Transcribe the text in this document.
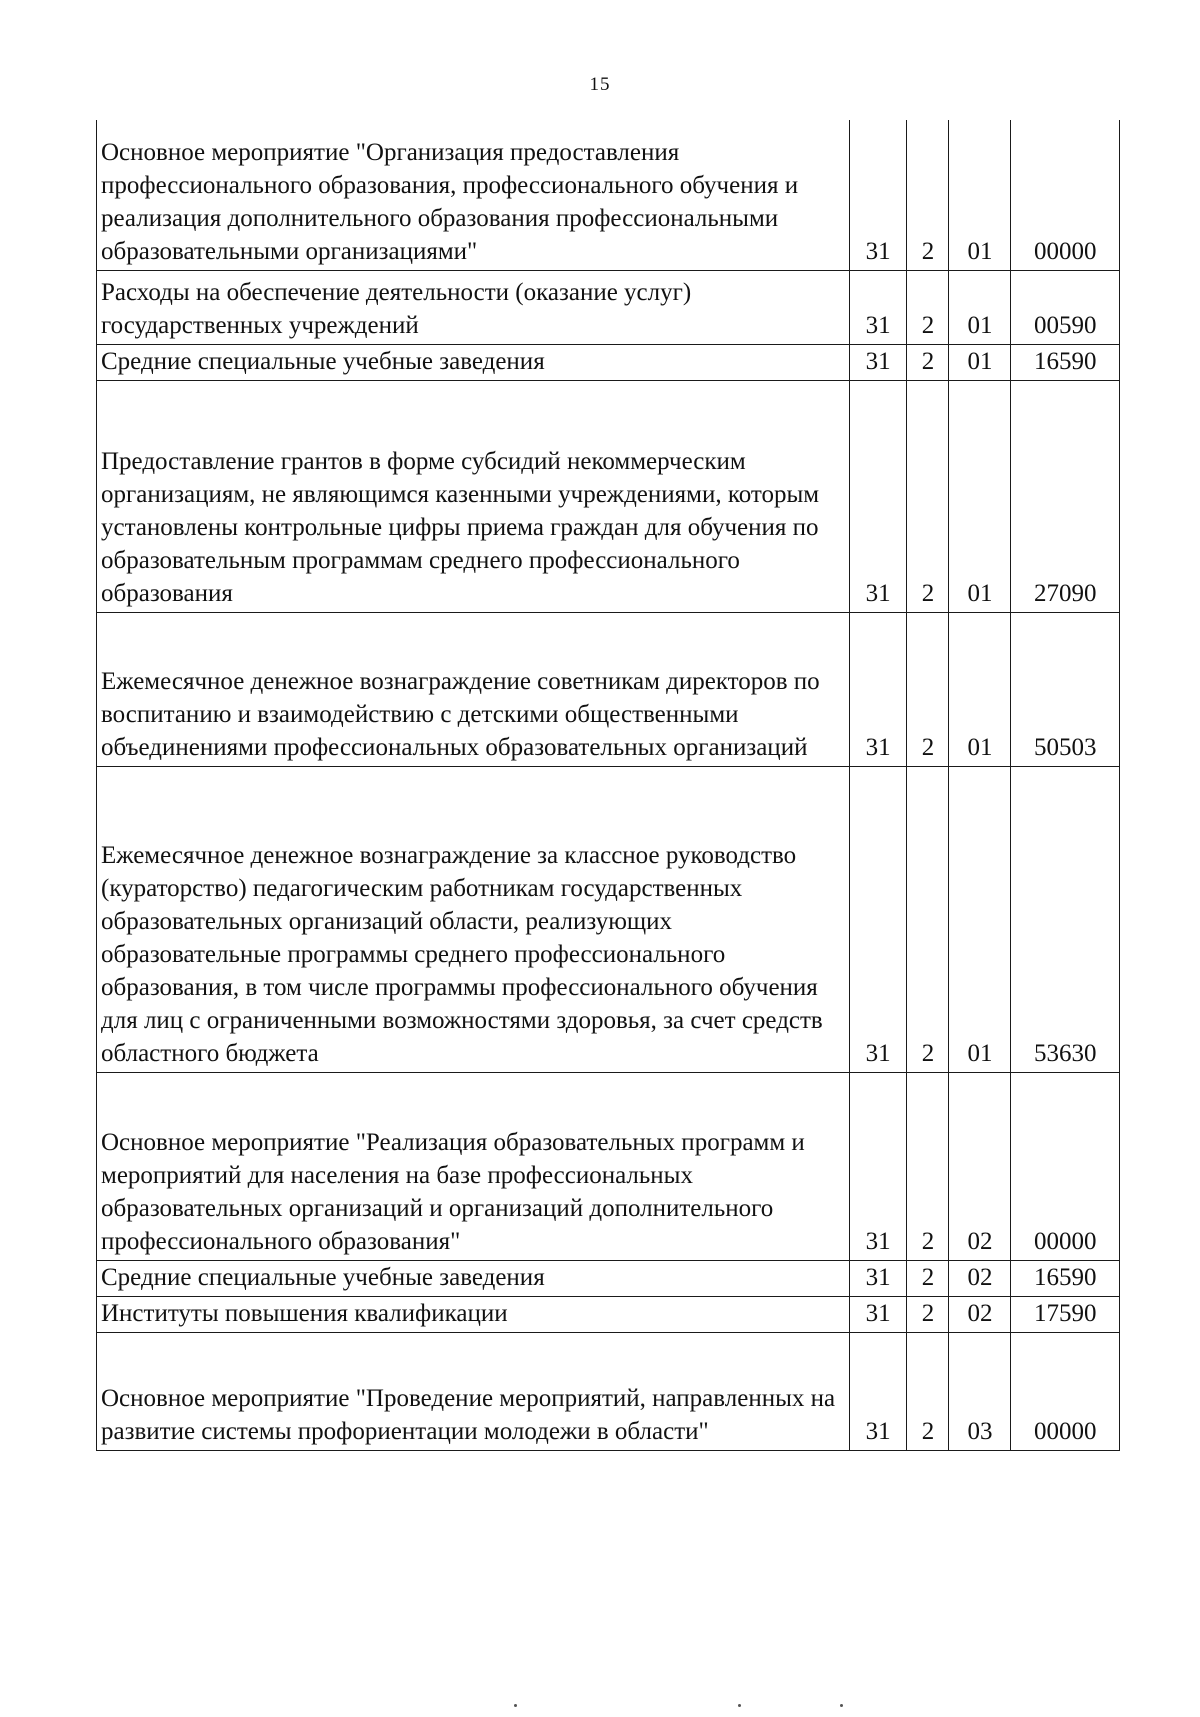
15
Основное мероприятие "Организация предоставления профессионального образования, профессионального обучения и реализация дополнительного образования профессиональными образовательными организациями"	31	2	01	00000
Расходы на обеспечение деятельности (оказание услуг) государственных учреждений	31	2	01	00590
Средние специальные учебные заведения	31	2	01	16590
Предоставление грантов в форме субсидий некоммерческим организациям, не являющимся казенными учреждениями, которым установлены контрольные цифры приема граждан для обучения по образовательным программам среднего профессионального образования	31	2	01	27090
Ежемесячное денежное вознаграждение советникам директоров по воспитанию и взаимодействию с детскими общественными объединениями профессиональных образовательных организаций	31	2	01	50503
Ежемесячное денежное вознаграждение за классное руководство (кураторство) педагогическим работникам государственных образовательных организаций области, реализующих образовательные программы среднего профессионального образования, в том числе программы профессионального обучения для лиц с ограниченными возможностями здоровья, за счет средств областного бюджета	31	2	01	53630
Основное мероприятие "Реализация образовательных программ и мероприятий для населения на базе профессиональных образовательных организаций и организаций дополнительного профессионального образования"	31	2	02	00000
Средние специальные учебные заведения	31	2	02	16590
Институты повышения квалификации	31	2	02	17590
Основное мероприятие "Проведение мероприятий, направленных на развитие системы профориентации молодежи в области"	31	2	03	00000
